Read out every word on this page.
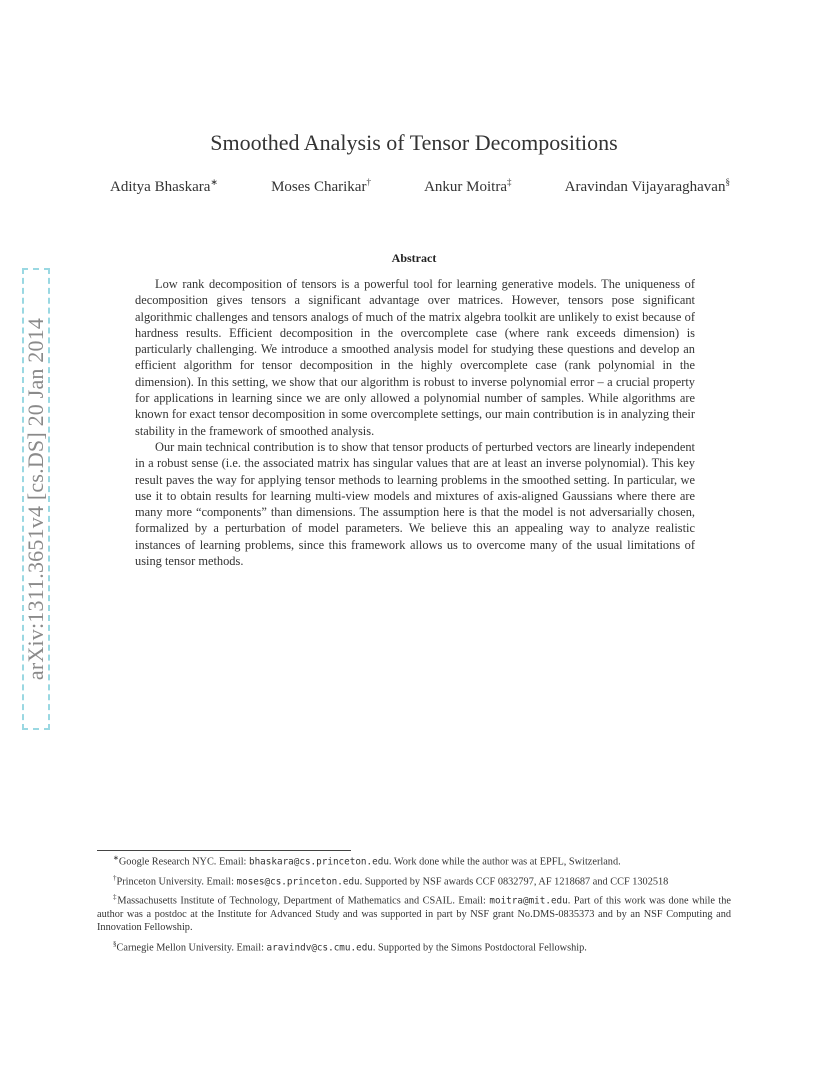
arXiv:1311.3651v4 [cs.DS] 20 Jan 2014
Smoothed Analysis of Tensor Decompositions
Aditya Bhaskara∗	Moses Charikar†	Ankur Moitra‡	Aravindan Vijayaraghavan§
Abstract

Low rank decomposition of tensors is a powerful tool for learning generative models. The uniqueness of decomposition gives tensors a significant advantage over matrices. However, tensors pose significant algorithmic challenges and tensors analogs of much of the matrix algebra toolkit are unlikely to exist because of hardness results. Efficient decomposition in the overcomplete case (where rank exceeds dimension) is particularly challenging. We introduce a smoothed analysis model for studying these questions and develop an efficient algorithm for tensor decomposition in the highly overcomplete case (rank polynomial in the dimension). In this setting, we show that our algorithm is robust to inverse polynomial error – a crucial property for applications in learning since we are only allowed a polynomial number of samples. While algorithms are known for exact tensor decomposition in some overcomplete settings, our main contribution is in analyzing their stability in the framework of smoothed analysis.

Our main technical contribution is to show that tensor products of perturbed vectors are linearly independent in a robust sense (i.e. the associated matrix has singular values that are at least an inverse polynomial). This key result paves the way for applying tensor methods to learning problems in the smoothed setting. In particular, we use it to obtain results for learning multi-view models and mixtures of axis-aligned Gaussians where there are many more “components” than dimensions. The assumption here is that the model is not adversarially chosen, formalized by a perturbation of model parameters. We believe this an appealing way to analyze realistic instances of learning problems, since this framework allows us to overcome many of the usual limitations of using tensor methods.

∗Google Research NYC. Email: bhaskara@cs.princeton.edu. Work done while the author was at EPFL, Switzerland.

†Princeton University. Email: moses@cs.princeton.edu. Supported by NSF awards CCF 0832797, AF 1218687 and CCF 1302518

‡Massachusetts Institute of Technology, Department of Mathematics and CSAIL. Email: moitra@mit.edu. Part of this work was done while the author was a postdoc at the Institute for Advanced Study and was supported in part by NSF grant No.DMS-0835373 and by an NSF Computing and Innovation Fellowship.

§Carnegie Mellon University. Email: aravindv@cs.cmu.edu. Supported by the Simons Postdoctoral Fellowship.
